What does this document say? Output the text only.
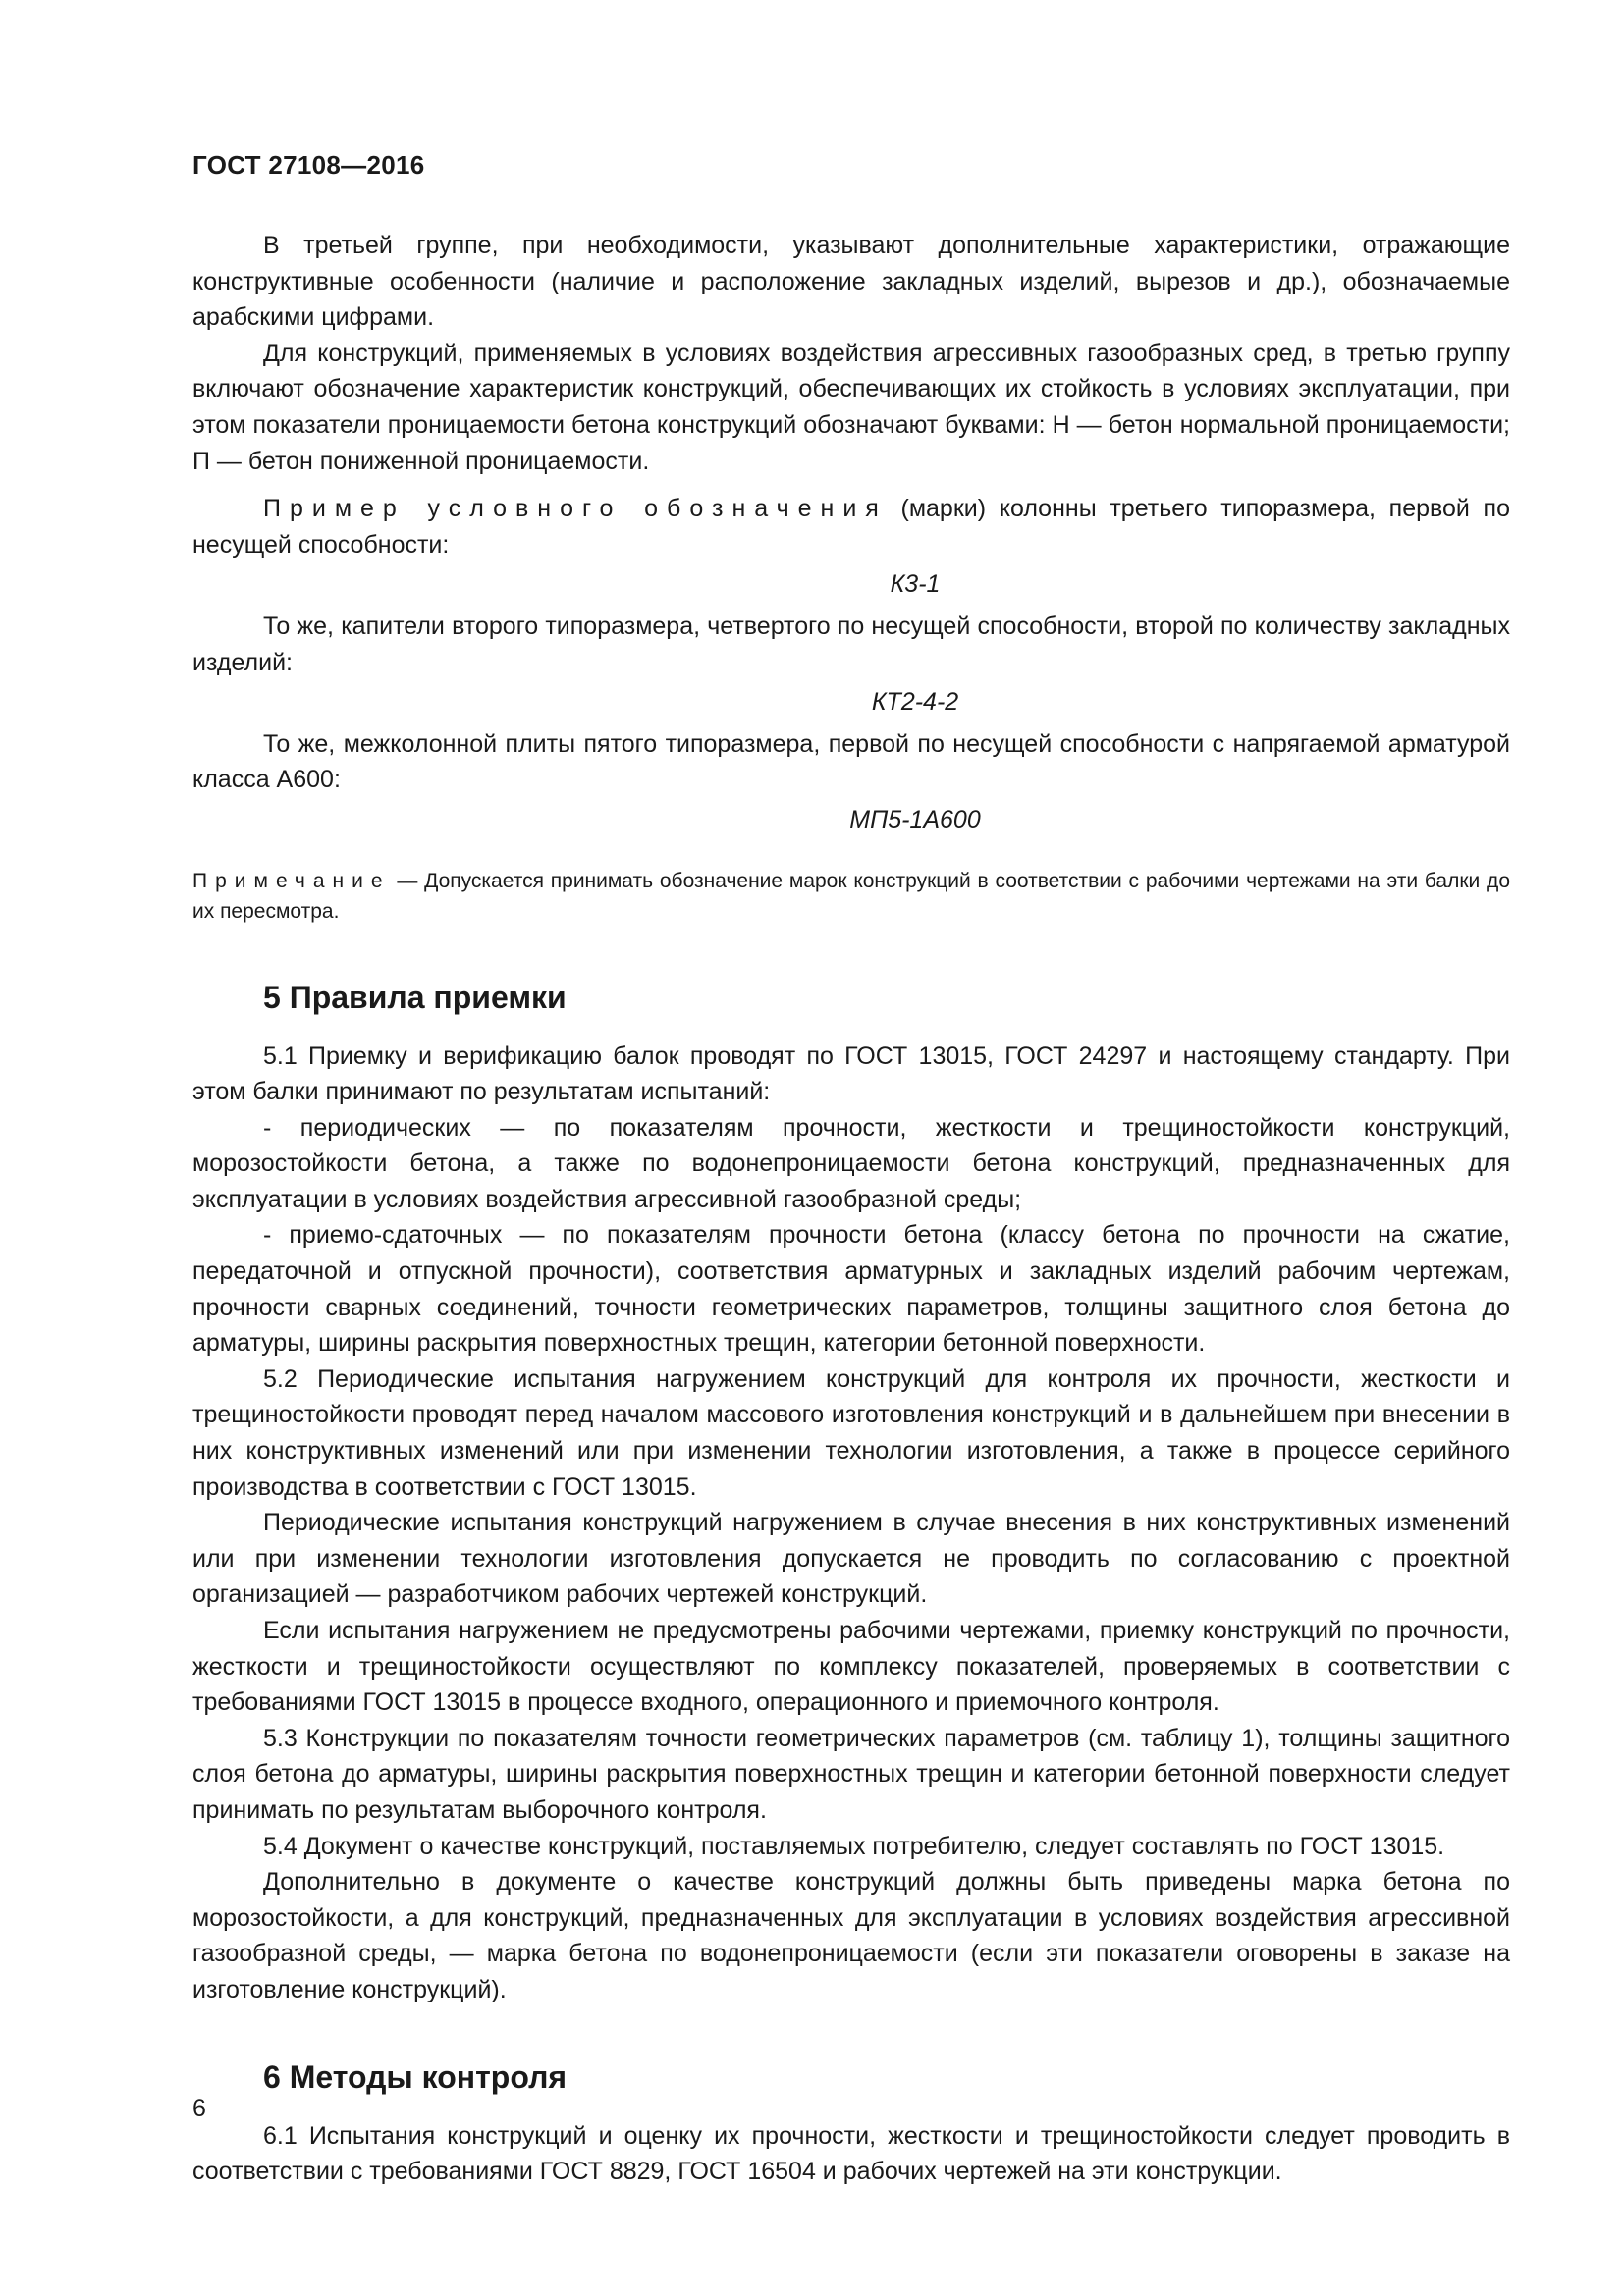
ГОСТ 27108—2016

В третьей группе, при необходимости, указывают дополнительные характеристики, отражающие конструктивные особенности (наличие и расположение закладных изделий, вырезов и др.), обозначаемые арабскими цифрами.

Для конструкций, применяемых в условиях воздействия агрессивных газообразных сред, в третью группу включают обозначение характеристик конструкций, обеспечивающих их стойкость в условиях эксплуатации, при этом показатели проницаемости бетона конструкций обозначают буквами: Н — бетон нормальной проницаемости; П — бетон пониженной проницаемости.

Пример условного обозначения (марки) колонны третьего типоразмера, первой по несущей способности:

К3-1

То же, капители второго типоразмера, четвертого по несущей способности, второй по количеству закладных изделий:

КТ2-4-2

То же, межколонной плиты пятого типоразмера, первой по несущей способности с напрягаемой арматурой класса А600:

МП5-1А600

Примечание — Допускается принимать обозначение марок конструкций в соответствии с рабочими чертежами на эти балки до их пересмотра.

5 Правила приемки

5.1 Приемку и верификацию балок проводят по ГОСТ 13015, ГОСТ 24297 и настоящему стандарту. При этом балки принимают по результатам испытаний:

- периодических — по показателям прочности, жесткости и трещиностойкости конструкций, морозостойкости бетона, а также по водонепроницаемости бетона конструкций, предназначенных для эксплуатации в условиях воздействия агрессивной газообразной среды;

- приемо-сдаточных — по показателям прочности бетона (классу бетона по прочности на сжатие, передаточной и отпускной прочности), соответствия арматурных и закладных изделий рабочим чертежам, прочности сварных соединений, точности геометрических параметров, толщины защитного слоя бетона до арматуры, ширины раскрытия поверхностных трещин, категории бетонной поверхности.

5.2 Периодические испытания нагружением конструкций для контроля их прочности, жесткости и трещиностойкости проводят перед началом массового изготовления конструкций и в дальнейшем при внесении в них конструктивных изменений или при изменении технологии изготовления, а также в процессе серийного производства в соответствии с ГОСТ 13015.

Периодические испытания конструкций нагружением в случае внесения в них конструктивных изменений или при изменении технологии изготовления допускается не проводить по согласованию с проектной организацией — разработчиком рабочих чертежей конструкций.

Если испытания нагружением не предусмотрены рабочими чертежами, приемку конструкций по прочности, жесткости и трещиностойкости осуществляют по комплексу показателей, проверяемых в соответствии с требованиями ГОСТ 13015 в процессе входного, операционного и приемочного контроля.

5.3 Конструкции по показателям точности геометрических параметров (см. таблицу 1), толщины защитного слоя бетона до арматуры, ширины раскрытия поверхностных трещин и категории бетонной поверхности следует принимать по результатам выборочного контроля.

5.4 Документ о качестве конструкций, поставляемых потребителю, следует составлять по ГОСТ 13015.

Дополнительно в документе о качестве конструкций должны быть приведены марка бетона по морозостойкости, а для конструкций, предназначенных для эксплуатации в условиях воздействия агрессивной газообразной среды, — марка бетона по водонепроницаемости (если эти показатели оговорены в заказе на изготовление конструкций).

6 Методы контроля

6.1 Испытания конструкций и оценку их прочности, жесткости и трещиностойкости следует проводить в соответствии с требованиями ГОСТ 8829, ГОСТ 16504 и рабочих чертежей на эти конструкции.

6
